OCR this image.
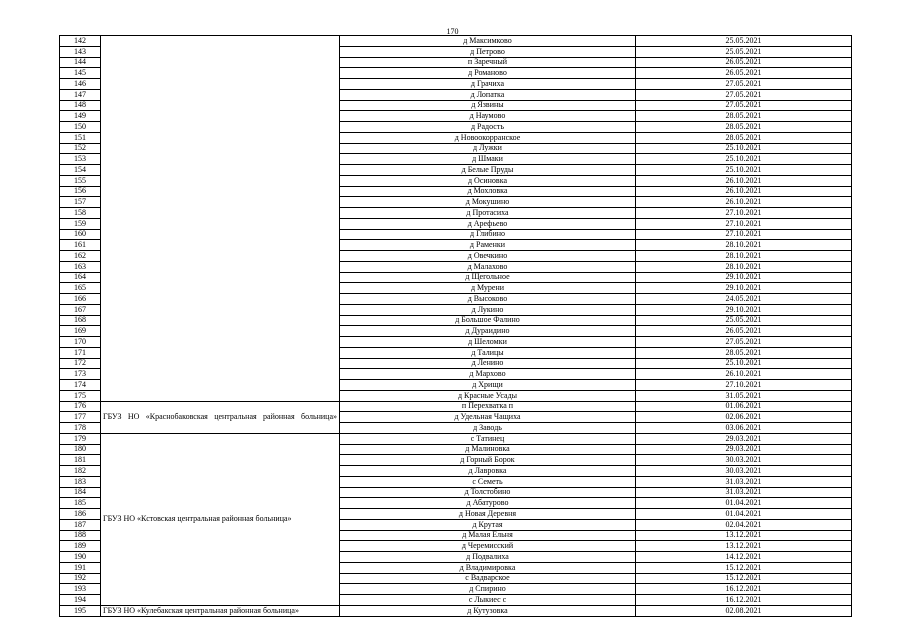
170
142		д Максимково	25.05.2021
143		д Петрово	25.05.2021
144		п Заречный	26.05.2021
145		д Романово	26.05.2021
146		д Грачиха	27.05.2021
147		д Лопатка	27.05.2021
148		д Язвины	27.05.2021
149		д Наумово	28.05.2021
150		д Радость	28.05.2021
151		д Новоокорранское	28.05.2021
152		д Лужки	25.10.2021
153		д Шмаки	25.10.2021
154		д Белые Пруды	25.10.2021
155		д Осиновка	26.10.2021
156		д Мохловка	26.10.2021
157		д Мокушино	26.10.2021
158		д Протасиха	27.10.2021
159		д Арефьево	27.10.2021
160		д Глибино	27.10.2021
161		д Раменки	28.10.2021
162		д Овечкино	28.10.2021
163		д Малахово	28.10.2021
164		д Щегольное	29.10.2021
165		д Мурени	29.10.2021
166		д Высоково	24.05.2021
167		д Лукино	29.10.2021
168		д Большое Фалино	25.05.2021
169		д Дураидино	26.05.2021
170		д Шеломки	27.05.2021
171		д Талицы	28.05.2021
172		д Ленино	25.10.2021
173		д Мархово	26.10.2021
174		д Хрищи	27.10.2021
175		д Красные Усады	31.05.2021
176	ГБУЗ НО «Краснобаковская центральная районная больница»	п Перехватка п	01.06.2021
177		д Удельная Чащиха	02.06.2021
178		д Заводь	03.06.2021
179	ГБУЗ НО «Кстовская центральная районная больница»	с Татинец	29.03.2021
180		д Малиновка	29.03.2021
181		д Горный Борок	30.03.2021
182		д Лавровка	30.03.2021
183		с Семеть	31.03.2021
184		д Толстобино	31.03.2021
185		д Абатурово	01.04.2021
186		д Новая Деревня	01.04.2021
187		д Крутая	02.04.2021
188		д Малая Ельня	13.12.2021
189		д Черемисский	13.12.2021
190		д Подвалиха	14.12.2021
191		д Владимировка	15.12.2021
192		с Вадварское	15.12.2021
193		д Спирино	16.12.2021
194		с Лыкиес с	16.12.2021
195	ГБУЗ НО «Кулебакская центральная районная больница»	д Кутузовка	02.08.2021
